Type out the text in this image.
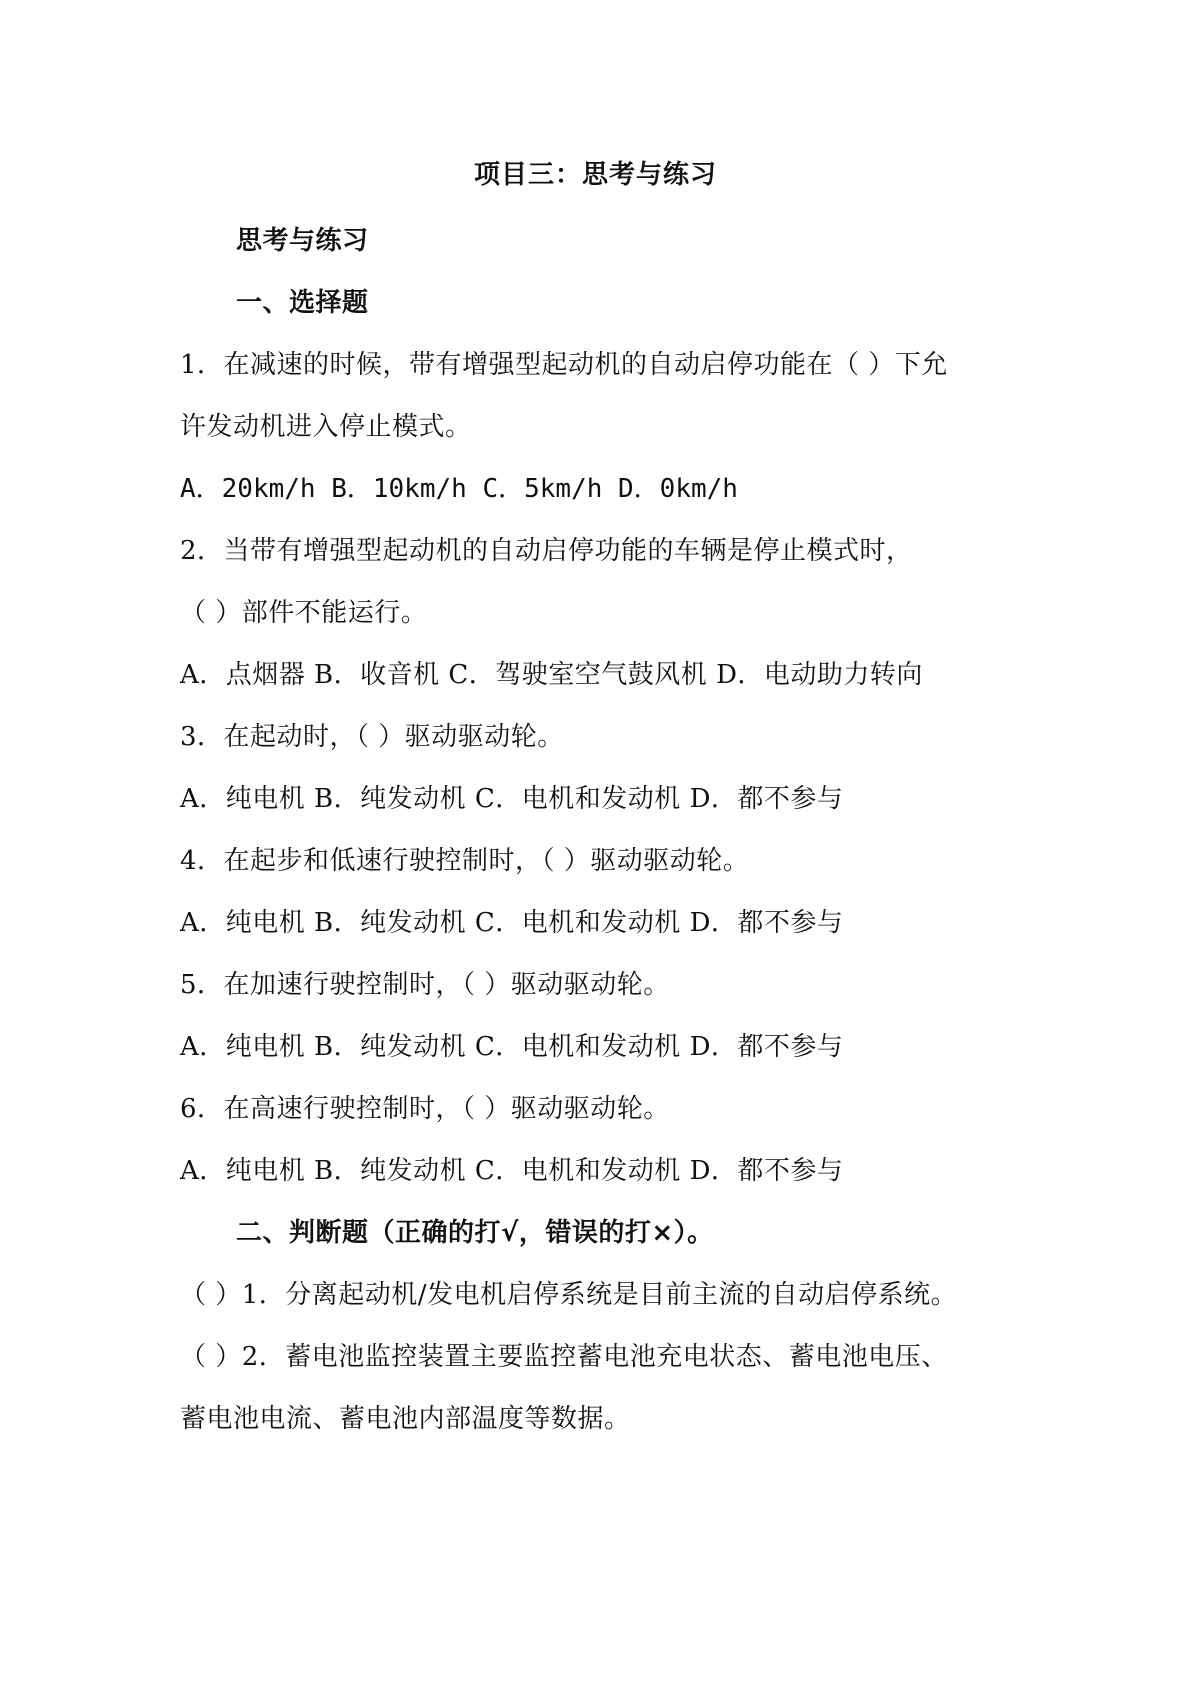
项目三：思考与练习
思考与练习
一、选择题
1．在减速的时候，带有增强型起动机的自动启停功能在（ ）下允
许发动机进入停止模式。
A．20km/h B．10km/h C．5km/h D．0km/h
2．当带有增强型起动机的自动启停功能的车辆是停止模式时，
（ ）部件不能运行。
A．点烟器 B．收音机 C．驾驶室空气鼓风机 D．电动助力转向
3．在起动时，（ ）驱动驱动轮。
A．纯电机 B．纯发动机 C．电机和发动机 D．都不参与
4．在起步和低速行驶控制时，（ ）驱动驱动轮。
A．纯电机 B．纯发动机 C．电机和发动机 D．都不参与
5．在加速行驶控制时，（ ）驱动驱动轮。
A．纯电机 B．纯发动机 C．电机和发动机 D．都不参与
6．在高速行驶控制时，（ ）驱动驱动轮。
A．纯电机 B．纯发动机 C．电机和发动机 D．都不参与
二、判断题（正确的打√，错误的打×）。
（ ）1．分离起动机/发电机启停系统是目前主流的自动启停系统。
（ ）2．蓄电池监控装置主要监控蓄电池充电状态、蓄电池电压、
蓄电池电流、蓄电池内部温度等数据。
